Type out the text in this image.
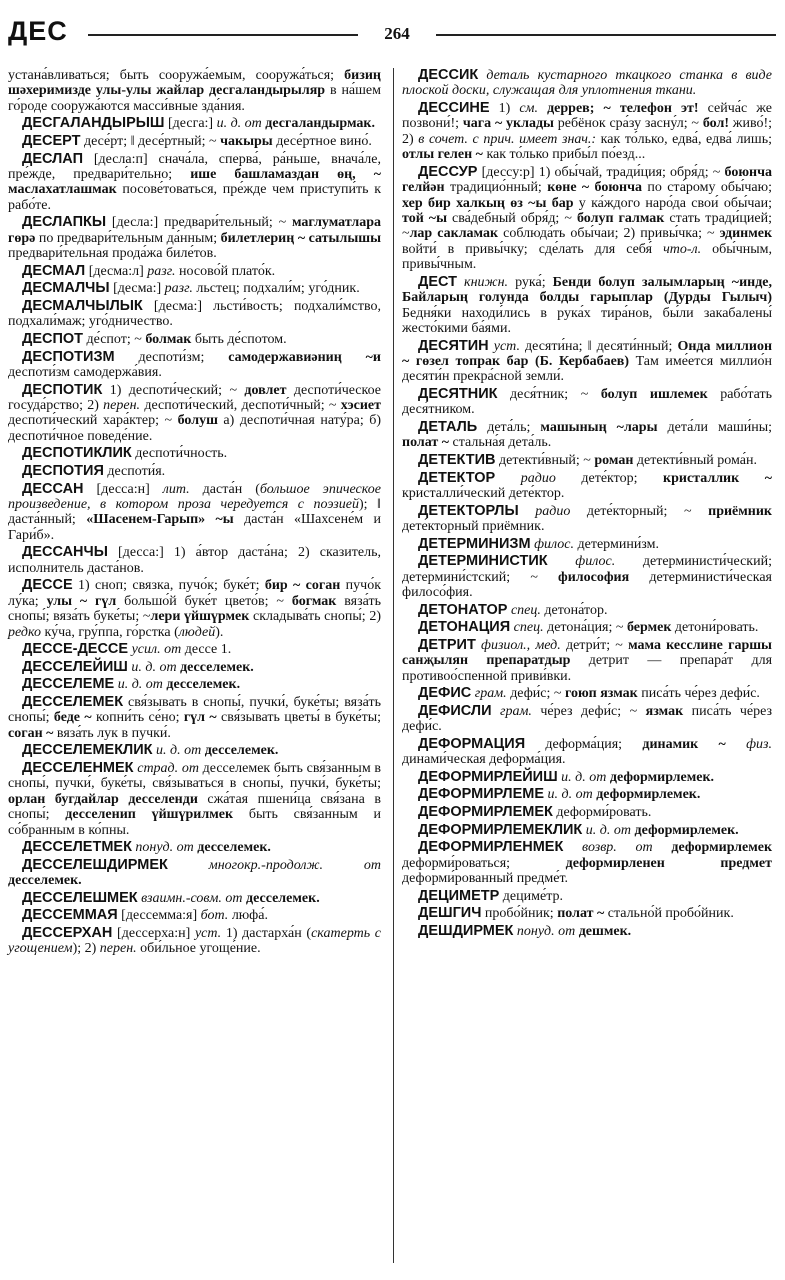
ДЕС	264

устана́вливаться; быть сооружа́емым, сооружа́ться; бизиң шәхеримизде улы-улы жайлар десгаландырыляр в на́шем го́роде сооружа́ются масси́вные зда́ния.

ДЕСГАЛАНДЫРЫШ [десга:] и. д. от десгаландырмак.

ДЕСЕРТ десе́рт; ‖ десе́ртный; ~ чакыры десе́ртное вино́.

ДЕСЛАП [десла:п] снача́ла, сперва́, ра́ньше, внача́ле, пре́жде, предвари́тельно; ише башламаздан өң, ~ маслахатлашмак посове́товаться, пре́жде чем приступи́ть к рабо́те.

ДЕСЛАПКЫ [десла:] предвари́тельный; ~ маглуматлара гөрә по предвари́тельным да́нным; билетлериң ~ сатылышы предвари́тельная прода́жа биле́тов.

ДЕСМАЛ [десма:л] разг. носово́й плато́к.

ДЕСМАЛЧЫ [десма:] разг. льстец; подхали́м; уго́дник.

ДЕСМАЛЧЫЛЫК [десма:] льсти́вость; подхали́мство, подхали́маж; уго́дничество.

ДЕСПОТ де́спот; ~ болмак быть де́спотом.

ДЕСПОТИЗМ деспоти́зм; самодержавиәниң ~и деспоти́зм самодержа́вия.

ДЕСПОТИК 1) деспоти́ческий; ~ довлет деспоти́ческое госуда́рство; 2) перен. деспоти́ческий, деспоти́чный; ~ хэсиет деспоти́ческий хара́ктер; ~ болуш а) деспоти́чная нату́ра; б) деспоти́чное поведе́ние.

ДЕСПОТИКЛИК деспоти́чность.

ДЕСПОТИЯ деспоти́я.

ДЕССАН [десса:н] лит. даста́н (большое эпическое произведение, в котором проза чередуется с поэзией); ‖ даста́нный; «Шасенем-Гарып» ~ы даста́н «Шахсене́м и Гари́б».

ДЕССАНЧЫ [десса:] 1) а́втор даста́на; 2) сказитель, исполнитель даста́нов.

ДЕССЕ 1) сноп; связка, пучо́к; буке́т; бир ~ соган пучо́к лу́ка; улы ~ гүл большо́й буке́т цвето́в; ~ богмак вяза́ть снопы́; вяза́ть буке́ты; ~лери үйшүрмек складыва́ть снопы́; 2) редко ку́ча, гру́ппа, го́рстка (людей).

ДЕССЕ-ДЕССЕ усил. от дессе 1.

ДЕССЕЛЕЙИШ и. д. от десселемек.

ДЕССЕЛЕМЕ и. д. от десселемек.

ДЕССЕЛЕМЕК свя́зывать в снопы́, пучки́, буке́ты; вяза́ть снопы́; беде ~ копни́ть се́но; гүл ~ свя́зывать цветы́ в буке́ты; соган ~ вяза́ть лук в пучки́.

ДЕССЕЛЕМЕКЛИК и. д. от десселемек.

ДЕССЕЛЕНМЕК страд. от десселемек быть свя́занным в снопы́, пучки́, буке́ты, свя́зываться в снопы́, пучки́, буке́ты; орлан бугдайлар десселенди сжа́тая пшени́ца свя́зана в снопы́; десселенип үйшүрилмек быть свя́занным и со́бранным в ко́пны.

ДЕССЕЛЕТМЕК понуд. от десселемек.

ДЕССЕЛЕШДИРМЕК	многокр.-продолж. от десселемек.

ДЕССЕЛЕШМЕК взаимн.-совм. от десселемек.

ДЕССЕММАЯ [дессемма:я] бот. люфа́.

ДЕССЕРХАН [дессерха:н] уст. 1) дастарха́н (скатерть с угощением); 2) перен. оби́льное угоще́ние.

ДЕССИК деталь кустарного ткацкого станка в виде плоской доски, служащая для уплотнения ткани.

ДЕССИНЕ 1) см. деррев; ~ телефон эт! сейча́с же позвони́!; чага ~ уклады ребёнок сра́зу засну́л; ~ бол! живо́!; 2) в сочет. с прич. имеет знач.: как то́лько, едва́, едва́ лишь; отлы гелен ~ как то́лько прибы́л по́езд...

ДЕССУР [дессу:р] 1) обы́чай, тради́ция; обря́д; ~ боюнча гелйән традицио́нный; көне ~ боюнча по ста́рому обы́чаю; хер бир халкың өз ~ы бар у ка́ждого наро́да свои́ обы́чаи; той ~ы сва́дебный обря́д; ~ болуп галмак стать тради́цией; ~лар сакламак соблюда́ть обы́чаи; 2) привы́чка; ~ эдинмек войти́ в привы́чку; сде́лать для себя́ что-л. обы́чным, привы́чным.

ДЕСТ книжн. рука́; Бенди болуп залымларың ~инде, Байларың голунда болды гарыплар (Дурды Гылыч) Бедня́ки находи́лись в рука́х тира́нов, бы́ли закабалены́ жесто́кими ба́ями.

ДЕСЯТИН уст. десяти́на; ‖ десяти́нный; Онда миллион ~ гөзел топрак бар (Б. Кербабаев) Там име́ется миллио́н десяти́н прекра́сной земли́.

ДЕСЯТНИК деся́тник; ~ болуп ишлемек рабо́тать деся́тником.

ДЕТАЛЬ дета́ль; машының ~лары дета́ли маши́ны; полат ~ стальна́я дета́ль.

ДЕТЕКТИВ детекти́вный; ~ роман детекти́вный рома́н.

ДЕТЕКТОР радио дете́ктор; кристаллик ~ кристалли́ческий дете́ктор.

ДЕТЕКТОРЛЫ радио дете́кторный; ~ приёмник дете́кторный приёмник.

ДЕТЕРМИНИЗМ филос. детермини́зм.

ДЕТЕРМИНИСТИК филос. детерминисти́ческий; детермини́стский; ~ философия детерминисти́ческая филосо́фия.

ДЕТОНАТОР спец. детона́тор.

ДЕТОНАЦИЯ спец. детона́ция; ~ бермек детони́ровать.

ДЕТРИТ физиол., мед. детри́т; ~ мама кесслине гаршы санҗылян препаратдыр детрит — препара́т для противоо́спенной приви́вки.

ДЕФИС грам. дефи́с; ~ гоюп язмак писа́ть че́рез дефи́с.

ДЕФИСЛИ грам. че́рез дефи́с; ~ язмак писа́ть че́рез дефи́с.

ДЕФОРМАЦИЯ деформа́ция; динамик ~ физ. динами́ческая деформа́ция.

ДЕФОРМИРЛЕЙИШ и. д. от деформирлемек.

ДЕФОРМИРЛЕМЕ и. д. от деформирлемек.

ДЕФОРМИРЛЕМЕК деформи́ровать.

ДЕФОРМИРЛЕМЕКЛИК и. д. от деформирлемек.

ДЕФОРМИРЛЕНМЕК возвр. от деформирлемек деформи́роваться; деформирленен предмет деформи́рованный предме́т.

ДЕЦИМЕТР дециме́тр.

ДЕШГИЧ пробо́йник; полат ~ стально́й пробо́йник.

ДЕШДИРМЕК понуд. от дешмек.
